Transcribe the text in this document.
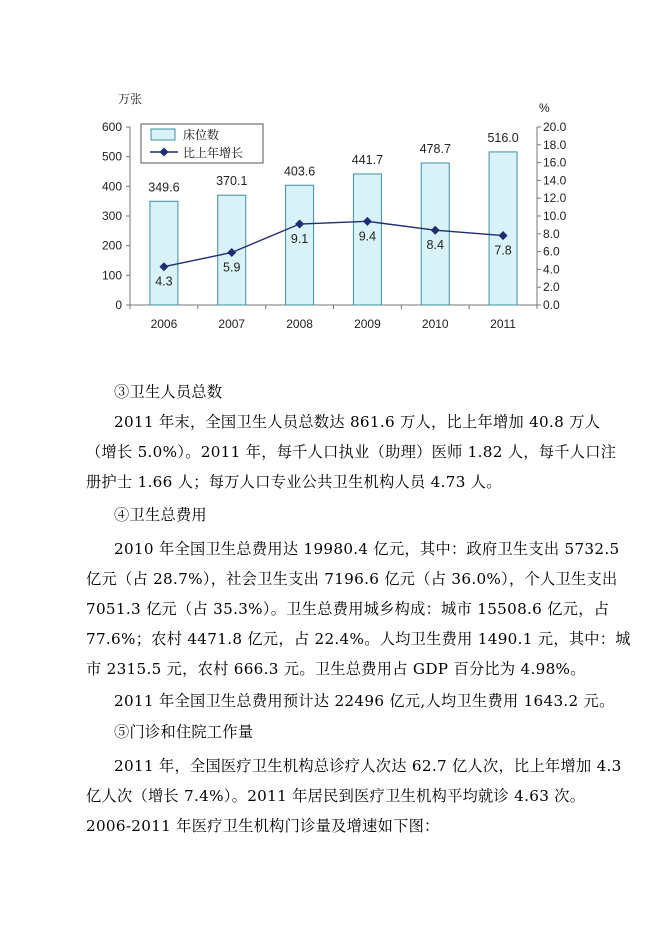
0
100
200
300
400
500
600
0.0
2.0
4.0
6.0
8.0
10.0
12.0
14.0
16.0
18.0
20.0
2006	2007	2008	2009	2010	2011
万张
%
349.6	370.1
403.6
441.7
478.7
516.0
4.3
5.9
9.1	9.4
8.4	7.8
床位数
比上年增长
③卫生人员总数
2011 年末，全国卫生人员总数达 861.6 万人，比上年增加 40.8 万人
（增长 5.0%）。2011 年，每千人口执业（助理）医师 1.82 人，每千人口注
册护士 1.66 人；每万人口专业公共卫生机构人员 4.73 人。
④卫生总费用
2010 年全国卫生总费用达 19980.4 亿元，其中：政府卫生支出 5732.5
亿元（占 28.7%），社会卫生支出 7196.6 亿元（占 36.0%），个人卫生支出
7051.3 亿元（占 35.3%）。卫生总费用城乡构成：城市 15508.6 亿元，占
77.6%；农村 4471.8 亿元，占 22.4%。人均卫生费用 1490.1 元，其中：城
市 2315.5 元，农村 666.3 元。卫生总费用占 GDP 百分比为 4.98%。
2011 年全国卫生总费用预计达 22496 亿元,人均卫生费用 1643.2 元。
⑤门诊和住院工作量
2011 年，全国医疗卫生机构总诊疗人次达 62.7 亿人次，比上年增加 4.3
亿人次（增长 7.4%）。2011 年居民到医疗卫生机构平均就诊 4.63 次。
2006-2011 年医疗卫生机构门诊量及增速如下图：
